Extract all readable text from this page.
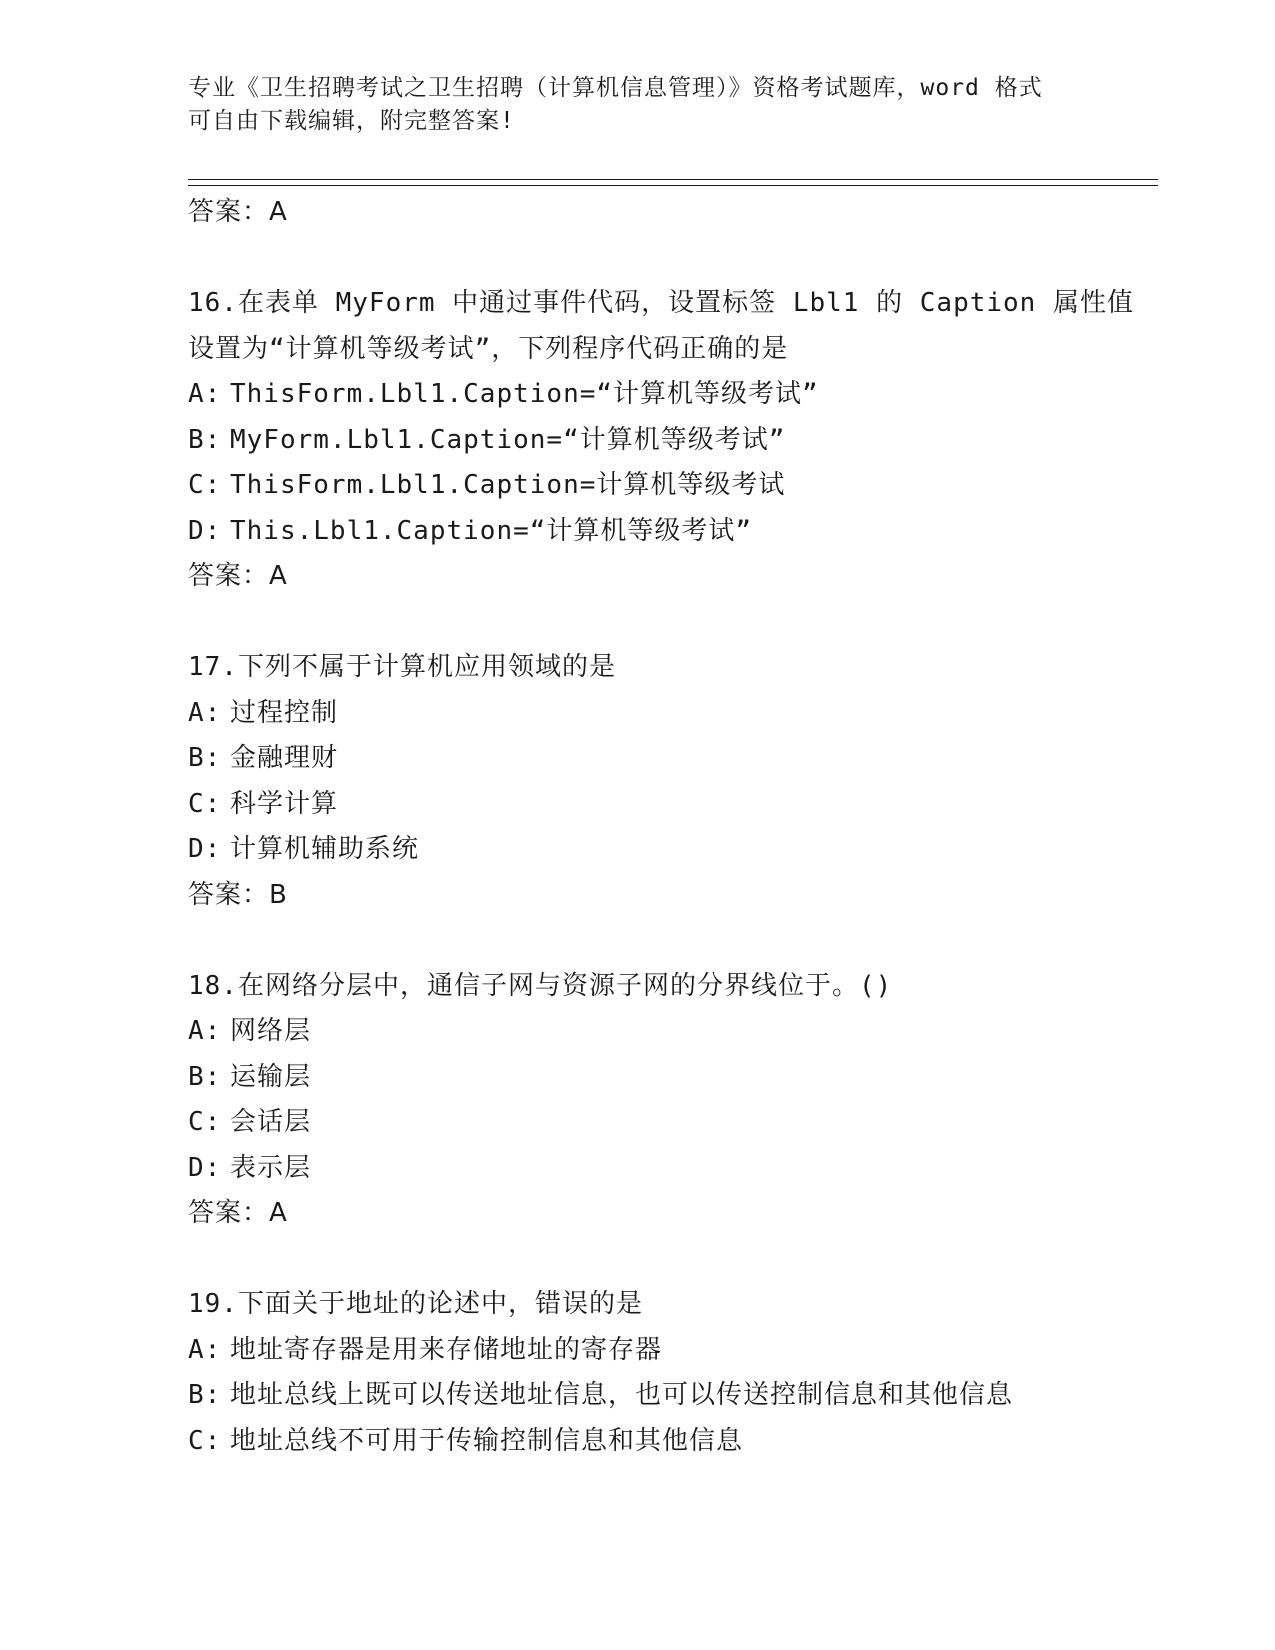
专业《卫生招聘考试之卫生招聘（计算机信息管理）》资格考试题库，word 格式
可自由下载编辑，附完整答案!
答案：A
16.在表单 MyForm 中通过事件代码，设置标签 Lbl1 的 Caption 属性值
设置为“计算机等级考试”，下列程序代码正确的是
A: ThisForm.Lbl1.Caption=“计算机等级考试”
B: MyForm.Lbl1.Caption=“计算机等级考试”
C: ThisForm.Lbl1.Caption=计算机等级考试
D: This.Lbl1.Caption=“计算机等级考试”
答案：A
17.下列不属于计算机应用领域的是
A: 过程控制
B: 金融理财
C: 科学计算
D: 计算机辅助系统
答案：B
18.在网络分层中，通信子网与资源子网的分界线位于。()
A: 网络层
B: 运输层
C: 会话层
D: 表示层
答案：A
19.下面关于地址的论述中，错误的是
A: 地址寄存器是用来存储地址的寄存器
B: 地址总线上既可以传送地址信息，也可以传送控制信息和其他信息
C: 地址总线不可用于传输控制信息和其他信息
